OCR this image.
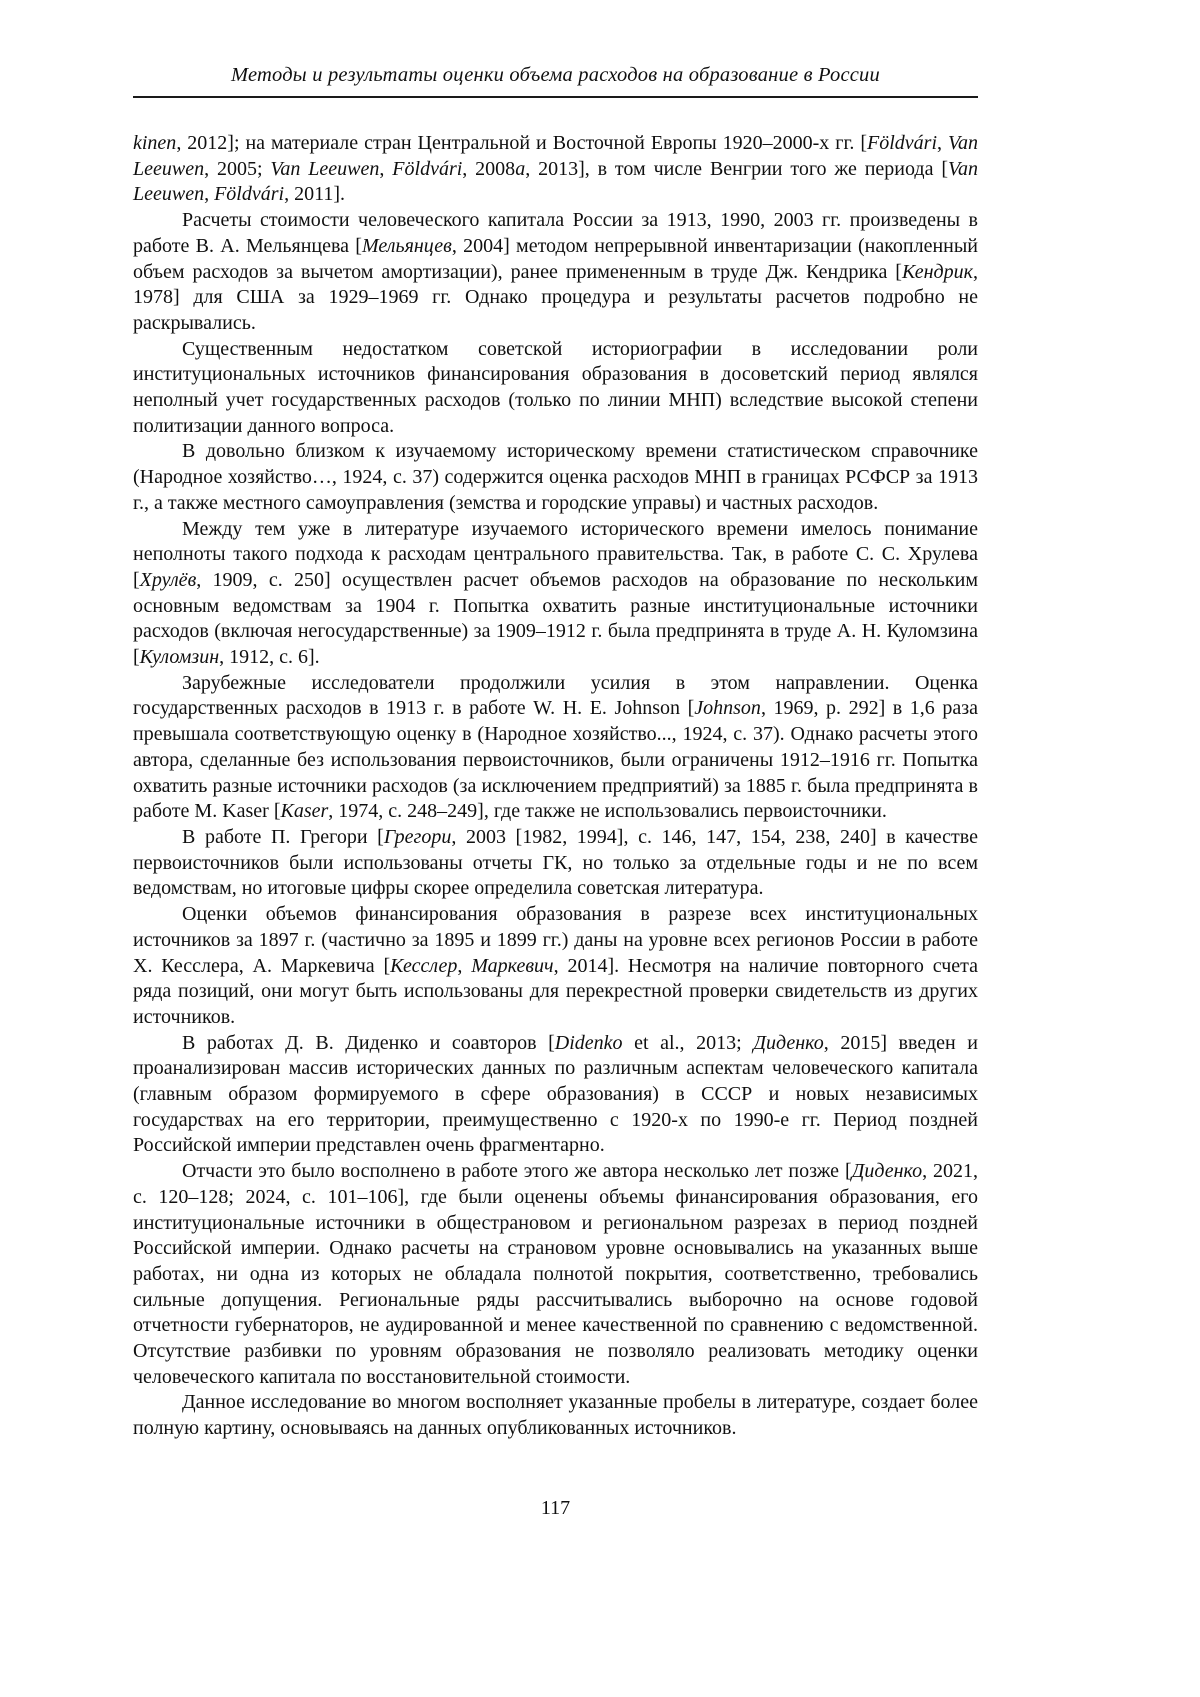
Методы и результаты оценки объема расходов на образование в России

kinen, 2012]; на материале стран Центральной и Восточной Европы 1920–2000-х гг. [Földvári, Van Leeuwen, 2005; Van Leeuwen, Földvári, 2008а, 2013], в том числе Венгрии того же периода [Van Leeuwen, Földvári, 2011].

Расчеты стоимости человеческого капитала России за 1913, 1990, 2003 гг. произведены в работе В. А. Мельянцева [Мельянцев, 2004] методом непрерывной инвентаризации (накопленный объем расходов за вычетом амортизации), ранее примененным в труде Дж. Кендрика [Кендрик, 1978] для США за 1929–1969 гг. Однако процедура и результаты расчетов подробно не раскрывались.

Существенным недостатком советской историографии в исследовании роли институциональных источников финансирования образования в досоветский период являлся неполный учет государственных расходов (только по линии МНП) вследствие высокой степени политизации данного вопроса.

В довольно близком к изучаемому историческому времени статистическом справочнике (Народное хозяйство…, 1924, с. 37) содержится оценка расходов МНП в границах РСФСР за 1913 г., а также местного самоуправления (земства и городские управы) и частных расходов.

Между тем уже в литературе изучаемого исторического времени имелось понимание неполноты такого подхода к расходам центрального правительства. Так, в работе С. С. Хрулева [Хрулёв, 1909, с. 250] осуществлен расчет объемов расходов на образование по нескольким основным ведомствам за 1904 г. Попытка охватить разные институциональные источники расходов (включая негосударственные) за 1909–1912 г. была предпринята в труде А. Н. Куломзина [Куломзин, 1912, с. 6].

Зарубежные исследователи продолжили усилия в этом направлении. Оценка государственных расходов в 1913 г. в работе W. H. E. Johnson [Johnson, 1969, p. 292] в 1,6 раза превышала соответствующую оценку в (Народное хозяйство..., 1924, с. 37). Однако расчеты этого автора, сделанные без использования первоисточников, были ограничены 1912–1916 гг. Попытка охватить разные источники расходов (за исключением предприятий) за 1885 г. была предпринята в работе M. Kaser [Kaser, 1974, с. 248–249], где также не использовались первоисточники.

В работе П. Грегори [Грегори, 2003 [1982, 1994], с. 146, 147, 154, 238, 240] в качестве первоисточников были использованы отчеты ГК, но только за отдельные годы и не по всем ведомствам, но итоговые цифры скорее определила советская литература.

Оценки объемов финансирования образования в разрезе всех институциональных источников за 1897 г. (частично за 1895 и 1899 гг.) даны на уровне всех регионов России в работе Х. Кесслера, А. Маркевича [Кесслер, Маркевич, 2014]. Несмотря на наличие повторного счета ряда позиций, они могут быть использованы для перекрестной проверки свидетельств из других источников.

В работах Д. В. Диденко и соавторов [Didenko et al., 2013; Диденко, 2015] введен и проанализирован массив исторических данных по различным аспектам человеческого капитала (главным образом формируемого в сфере образования) в СССР и новых независимых государствах на его территории, преимущественно с 1920-х по 1990-е гг. Период поздней Российской империи представлен очень фрагментарно.

Отчасти это было восполнено в работе этого же автора несколько лет позже [Диденко, 2021, с. 120–128; 2024, с. 101–106], где были оценены объемы финансирования образования, его институциональные источники в общестрановом и региональном разрезах в период поздней Российской империи. Однако расчеты на страновом уровне основывались на указанных выше работах, ни одна из которых не обладала полнотой покрытия, соответственно, требовались сильные допущения. Региональные ряды рассчитывались выборочно на основе годовой отчетности губернаторов, не аудированной и менее качественной по сравнению с ведомственной. Отсутствие разбивки по уровням образования не позволяло реализовать методику оценки человеческого капитала по восстановительной стоимости.

Данное исследование во многом восполняет указанные пробелы в литературе, создает более полную картину, основываясь на данных опубликованных источников.

117
